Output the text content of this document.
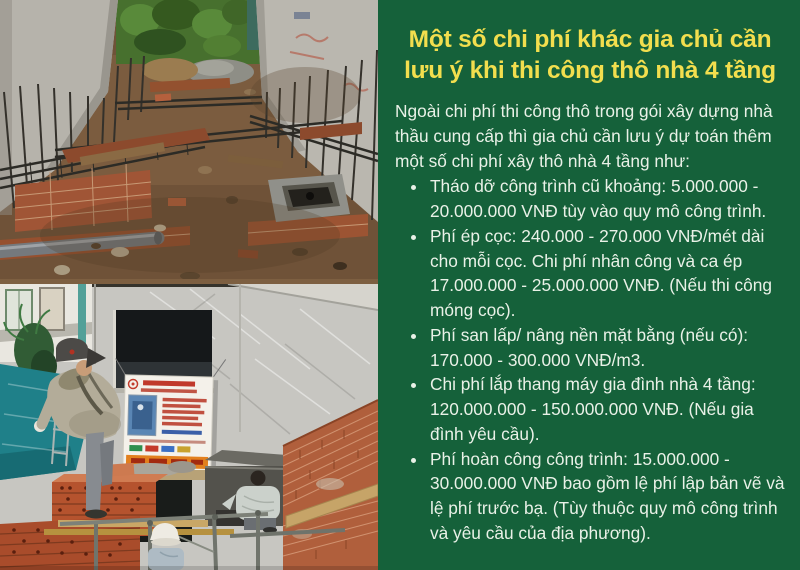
Một số chi phí khác gia chủ cần
lưu ý khi thi công thô nhà 4 tầng

Ngoài chi phí thi công thô trong gói xây dựng nhà thầu cung cấp thì gia chủ cần lưu ý dự toán thêm một số chi phí xây thô nhà 4 tầng như:

• Tháo dỡ công trình cũ khoảng: 5.000.000 - 20.000.000 VNĐ tùy vào quy mô công trình.
• Phí ép cọc: 240.000 - 270.000 VNĐ/mét dài cho mỗi cọc. Chi phí nhân công và ca ép 17.000.000 - 25.000.000 VNĐ. (Nếu thi công móng cọc).
• Phí san lấp/ nâng nền mặt bằng (nếu có): 170.000 - 300.000 VNĐ/m3.
• Chi phí lắp thang máy gia đình nhà 4 tầng: 120.000.000 - 150.000.000 VNĐ. (Nếu gia đình yêu cầu).
• Phí hoàn công công trình: 15.000.000 - 30.000.000 VNĐ bao gồm lệ phí lập bản vẽ và lệ phí trước bạ. (Tùy thuộc quy mô công trình và yêu cầu của địa phương).
